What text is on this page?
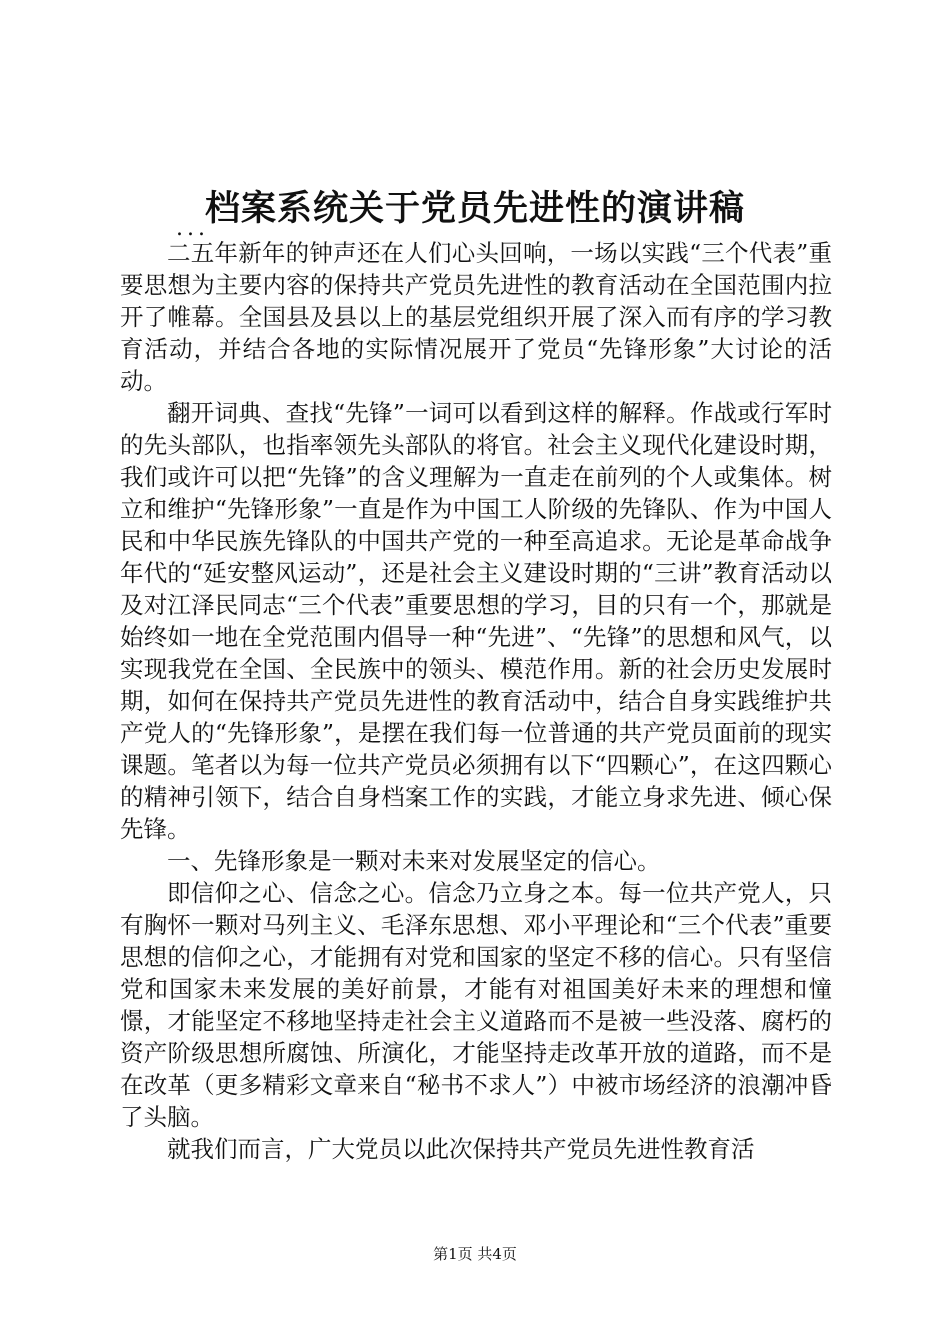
档案系统关于党员先进性的演讲稿
...

二五年新年的钟声还在人们心头回响，一场以实践“三个代表”重要思想为主要内容的保持共产党员先进性的教育活动在全国范围内拉开了帷幕。全国县及县以上的基层党组织开展了深入而有序的学习教育活动，并结合各地的实际情况展开了党员“先锋形象”大讨论的活动。

翻开词典、查找“先锋”一词可以看到这样的解释。作战或行军时的先头部队，也指率领先头部队的将官。社会主义现代化建设时期，我们或许可以把“先锋”的含义理解为一直走在前列的个人或集体。树立和维护“先锋形象”一直是作为中国工人阶级的先锋队、作为中国人民和中华民族先锋队的中国共产党的一种至高追求。无论是革命战争年代的“延安整风运动”，还是社会主义建设时期的“三讲”教育活动以及对江泽民同志“三个代表”重要思想的学习，目的只有一个，那就是始终如一地在全党范围内倡导一种“先进”、“先锋”的思想和风气，以实现我党在全国、全民族中的领头、模范作用。新的社会历史发展时期，如何在保持共产党员先进性的教育活动中，结合自身实践维护共产党人的“先锋形象”，是摆在我们每一位普通的共产党员面前的现实课题。笔者以为每一位共产党员必须拥有以下“四颗心”，在这四颗心的精神引领下，结合自身档案工作的实践，才能立身求先进、倾心保先锋。

一、先锋形象是一颗对未来对发展坚定的信心。

即信仰之心、信念之心。信念乃立身之本。每一位共产党人，只有胸怀一颗对马列主义、毛泽东思想、邓小平理论和“三个代表”重要思想的信仰之心，才能拥有对党和国家的坚定不移的信心。只有坚信党和国家未来发展的美好前景，才能有对祖国美好未来的理想和憧憬，才能坚定不移地坚持走社会主义道路而不是被一些没落、腐朽的资产阶级思想所腐蚀、所演化，才能坚持走改革开放的道路，而不是在改革（更多精彩文章来自“秘书不求人”）中被市场经济的浪潮冲昏了头脑。

就我们而言，广大党员以此次保持共产党员先进性教育活

第1页 共4页
